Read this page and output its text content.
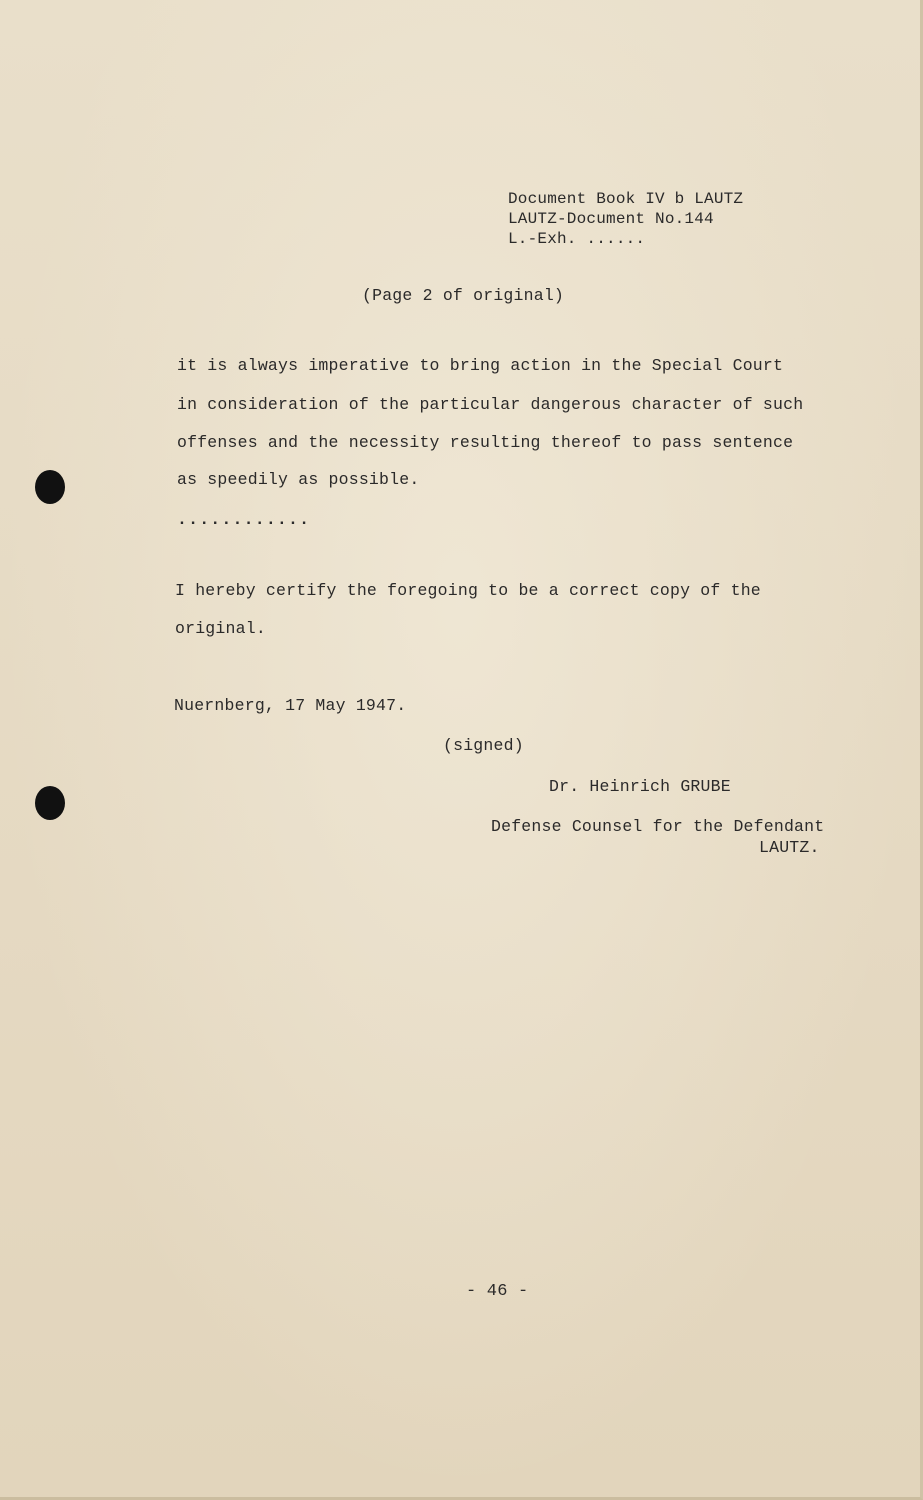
Document Book IV b LAUTZ
LAUTZ-Document No.144
L.-Exh. ......
(Page 2 of original)
it is always imperative to bring action in the Special Court
in consideration of the particular dangerous character of such
offenses and the necessity resulting thereof to pass sentence
as speedily as possible.
............
I hereby certify the foregoing to be a correct copy of the
original.
Nuernberg, 17 May 1947.
(signed)
Dr. Heinrich GRUBE
Defense Counsel for the Defendant
LAUTZ.
- 46 -
